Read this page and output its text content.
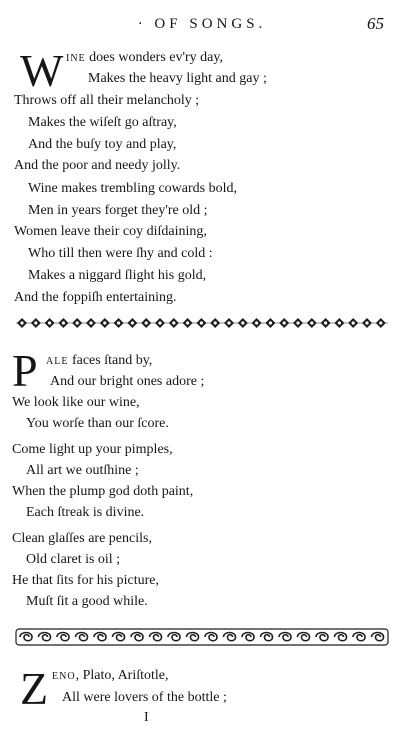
· OF SONGS.	65
W ine does wonders ev'ry day,
Makes the heavy light and gay ;
Throws off all their melancholy ;
Makes the wiſeſt go aſtray,
And the buſy toy and play,
And the poor and needy jolly.
Wine makes trembling cowards bold,
Men in years forget they're old ;
Women leave their coy diſdaining,
Who till then were ſhy and cold :
Makes a niggard ſlight his gold,
And the foppiſh entertaining.
P ale faces ſtand by,
And our bright ones adore ;
We look like our wine,
You worſe than our ſcore.
Come light up your pimples,
All art we outſhine ;
When the plump god doth paint,
Each ſtreak is divine.
Clean glaſſes are pencils,
Old claret is oil ;
He that ſits for his picture,
Muſt ſit a good while.
Z eno, Plato, Ariſtotle,
All were lovers of the bottle ;
I
